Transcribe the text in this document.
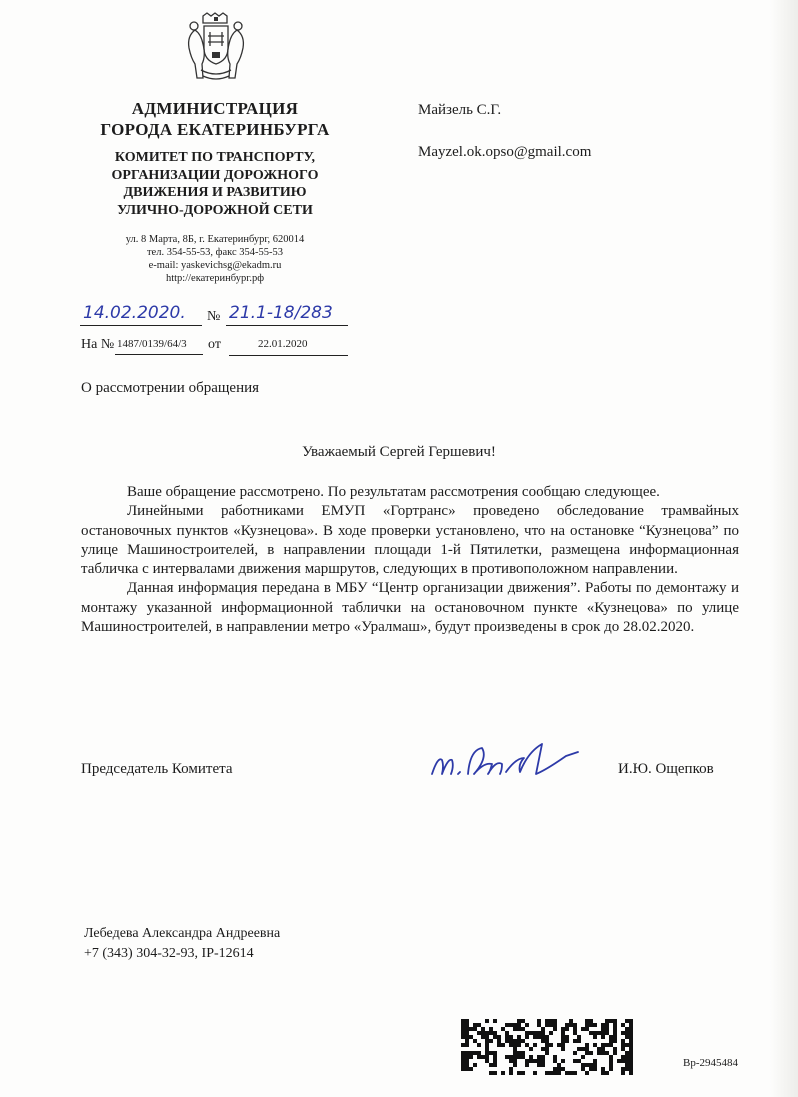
АДМИНИСТРАЦИЯ
ГОРОДА ЕКАТЕРИНБУРГА
КОМИТЕТ ПО ТРАНСПОРТУ,
ОРГАНИЗАЦИИ ДОРОЖНОГО
ДВИЖЕНИЯ И РАЗВИТИЮ
УЛИЧНО-ДОРОЖНОЙ СЕТИ
ул. 8 Марта, 8Б, г. Екатеринбург, 620014
тел. 354-55-53, факс 354-55-53
e-mail: yaskevichsg@ekadm.ru
http://екатеринбург.рф
Майзель С.Г.
Mayzel.ok.opso@gmail.com
14.02.2020. № 21.1-18/283
На № 1487/0139/64/3 от	22.01.2020
О рассмотрении обращения
Уважаемый Сергей Гершевич!

Ваше обращение рассмотрено. По результатам рассмотрения сообщаю следующее.

Линейными работниками ЕМУП «Гортранс» проведено обследование трамвайных остановочных пунктов «Кузнецова». В ходе проверки установлено, что на остановке “Кузнецова” по улице Машиностроителей, в направлении площади 1-й Пятилетки, размещена информационная табличка с интервалами движения маршрутов, следующих в противоположном направлении.

Данная информация передана в МБУ “Центр организации движения”. Работы по демонтажу и монтажу указанной информационной таблички на остановочном пункте «Кузнецова» по улице Машиностроителей, в направлении метро «Уралмаш», будут произведены в срок до 28.02.2020.

Председатель Комитета	И.Ю. Ощепков
Лебедева Александра Андреевна
+7 (343) 304-32-93, IP-12614
Вр-2945484
